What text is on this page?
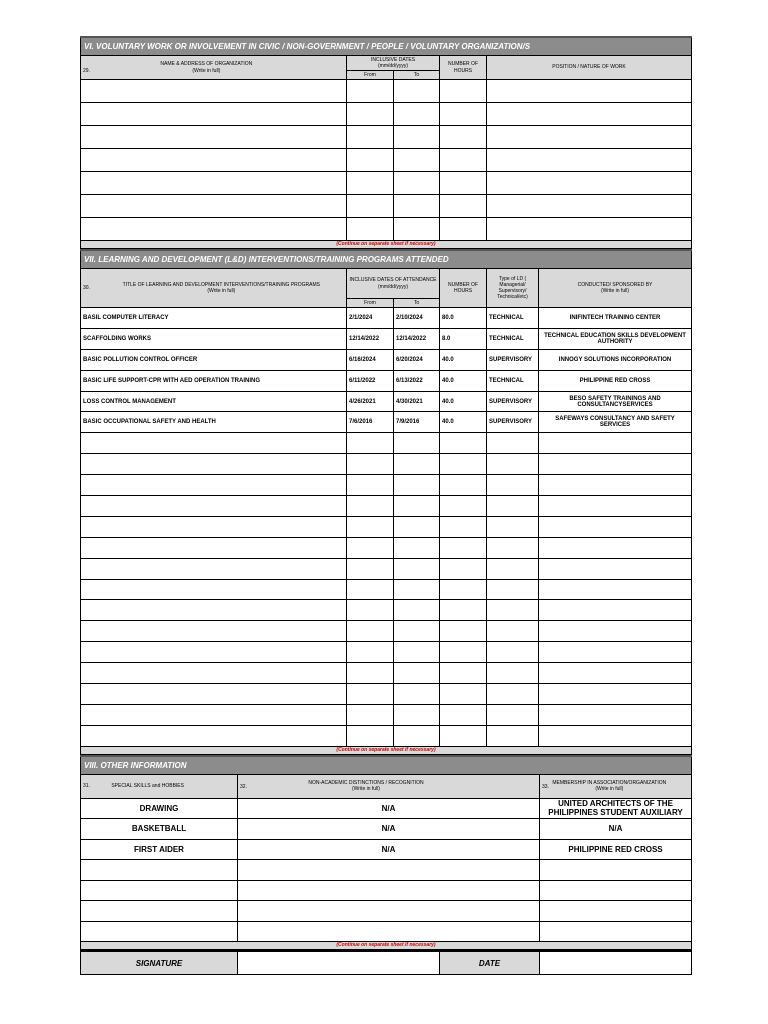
VI. VOLUNTARY WORK OR INVOLVEMENT IN CIVIC / NON-GOVERNMENT / PEOPLE / VOLUNTARY ORGANIZATION/S				
29. NAME & ADDRESS OF ORGANIZATION
(Write in full)	INCLUSIVE DATES
(mm/dd/yyyy)		NUMBER OF HOURS	POSITION / NATURE OF WORK
	From	To		

(Continue on separate sheet if necessary)				
VII. LEARNING AND DEVELOPMENT (L&D) INTERVENTIONS/TRAINING PROGRAMS ATTENDED					
30. TITLE OF LEARNING AND DEVELOPMENT INTERVENTIONS/TRAINING PROGRAMS
(Write in full)	INCLUSIVE DATES OF ATTENDANCE
(mm/dd/yyyy)		NUMBER OF HOURS	Type of LD ( Managerial/ Supervisory/ Technical/etc)	CONDUCTED/ SPONSORED BY
(Write in full)
	From	To			
BASIL COMPUTER LITERACY	2/1/2024	2/10/2024	80.0	TECHNICAL	INIFINTECH TRAINING CENTER
SCAFFOLDING WORKS	12/14/2022	12/14/2022	8.0	TECHNICAL	TECHNICAL EDUCATION SKILLS DEVELOPMENT AUTHORITY
BASIC POLLUTION CONTROL OFFICER	6/16/2024	6/20/2024	40.0	SUPERVISORY	INNOGY SOLUTIONS INCORPORATION
BASIC LIFE SUPPORT-CPR WITH AED OPERATION TRAINING	6/11/2022	6/13/2022	40.0	TECHNICAL	PHILIPPINE RED CROSS
LOSS CONTROL MANAGEMENT	4/26/2021	4/30/2021	40.0	SUPERVISORY	BESO SAFETY TRAININGS AND CONSULTANCYSERVICES
BASIC OCCUPATIONAL SAFETY AND HEALTH	7/6/2016	7/9/2016	40.0	SUPERVISORY	SAFEWAYS CONSULTANCY AND SAFETY SERVICES

(Continue on separate sheet if necessary)					
VIII. OTHER INFORMATION		
31. SPECIAL SKILLS and HOBBIES	32. NON-ACADEMIC DISTINCTIONS / RECOGNITION
(Write in full)	33. MEMBERSHIP IN ASSOCIATION/ORGANIZATION
(Write in full)
DRAWING	N/A	UNITED ARCHITECTS OF THE PHILIPPINES STUDENT AUXILIARY
BASKETBALL	N/A	N/A
FIRST AIDER	N/A	PHILIPPINE RED CROSS

(Continue on separate sheet if necessary)		
SIGNATURE		DATE	
